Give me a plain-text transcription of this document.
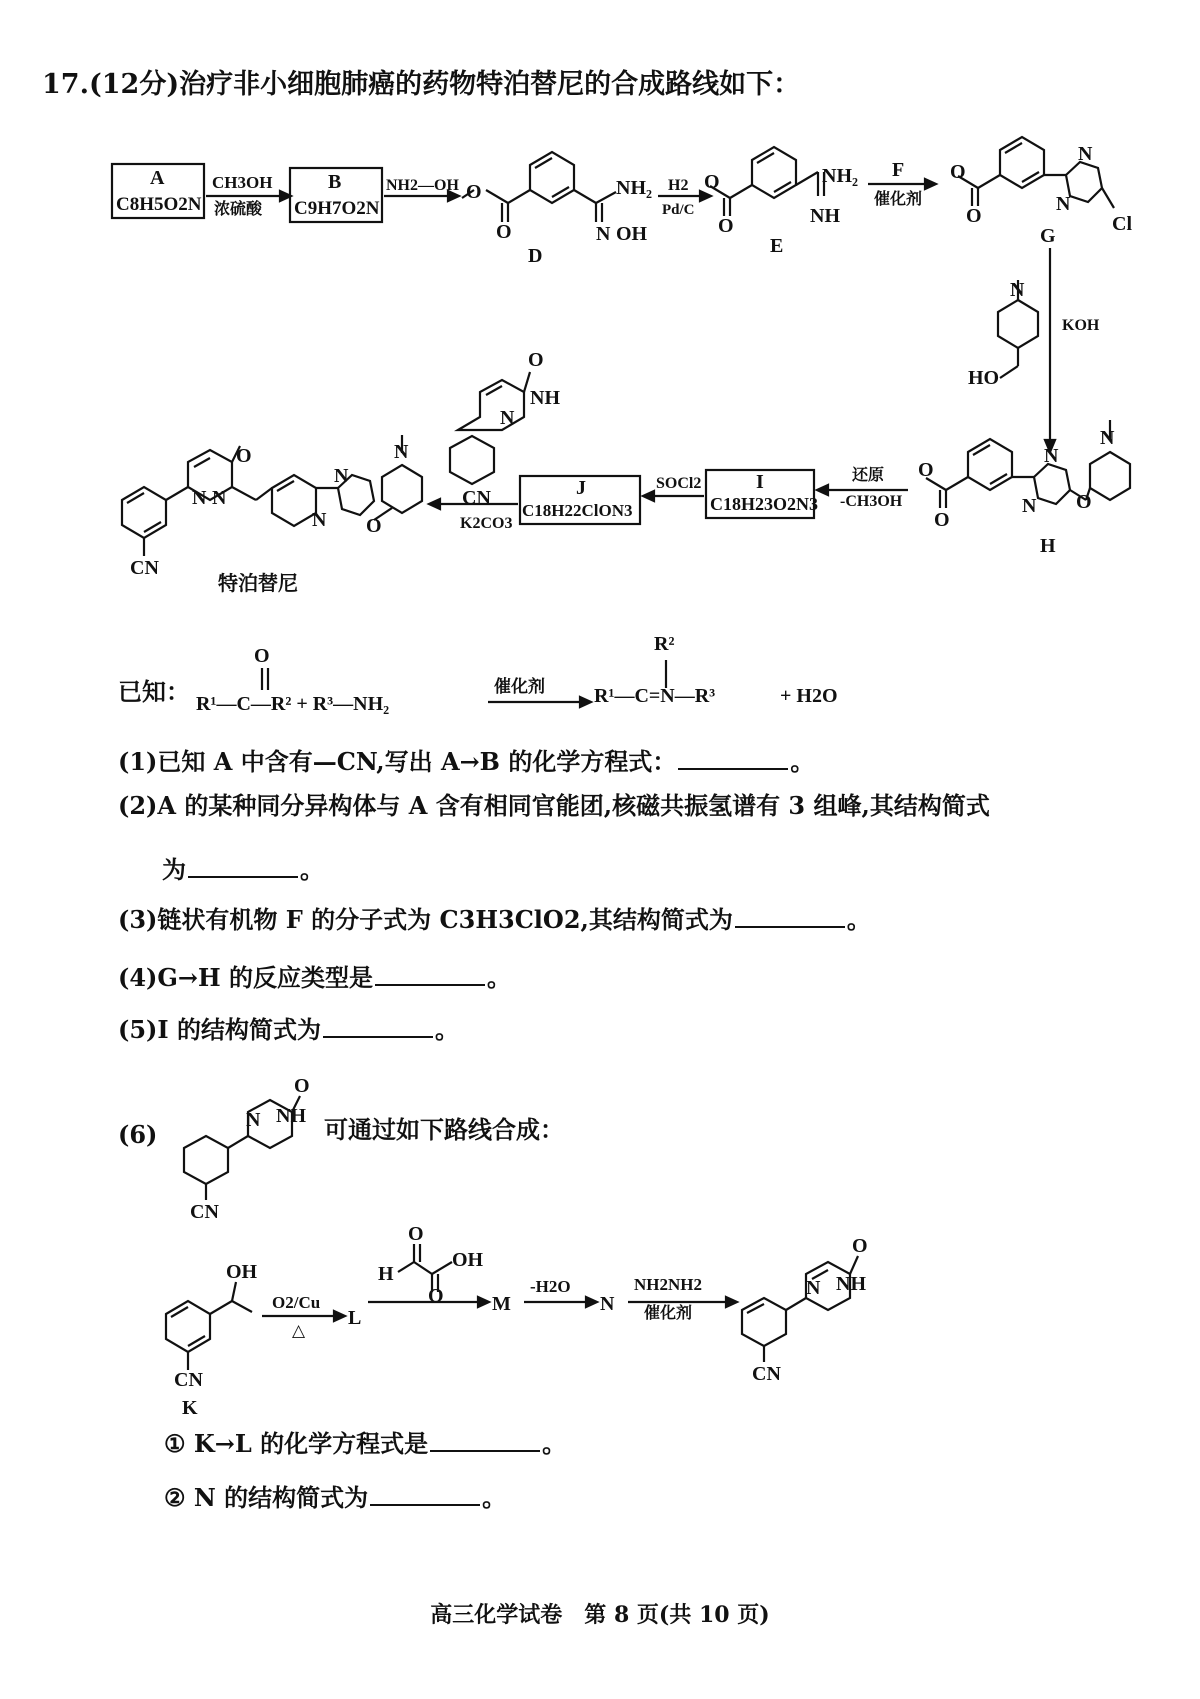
17.(12分)治疗非小细胞肺癌的药物特泊替尼的合成路线如下：
A
C8H5O2N
CH3OH
浓硫酸
B
C9H7O2N
NH2—OH O
O
NH₂
N OH
D
H2
Pd/C
O
O
NH₂
NH
E
F
催化剂
O
O
N
N
Cl
G
KOH
N
HO
O
O
N
N O
N
H
还原
-CH3OH
I
C18H23O2N3
SOCl2
J
C18H22ClON3
O
NH
N
CN
K2CO3
O
N N
N
N O
N
CN
特泊替尼
O
R¹—C—R² + R³—NH₂
催化剂
R²
R¹—C=N—R³	+ H2O
O
NH
N
CN
OH
CN
K
O2/Cu
△
L
H
O
O
OH
M
-H2O
N
NH2NH2
催化剂
O
NH
N
CN
已知：
(1)已知 A 中含有—CN,写出 A→B 的化学方程式：	。
(2)A 的某种同分异构体与 A 含有相同官能团,核磁共振氢谱有 3 组峰,其结构简式
为	。
(3)链状有机物 F 的分子式为 C3H3ClO2,其结构简式为	。
(4)G→H 的反应类型是	。
(5)I 的结构简式为	。
(6)	可通过如下路线合成：
① K→L 的化学方程式是	。
② N 的结构简式为	。
高三化学试卷　第 8 页(共 10 页)
